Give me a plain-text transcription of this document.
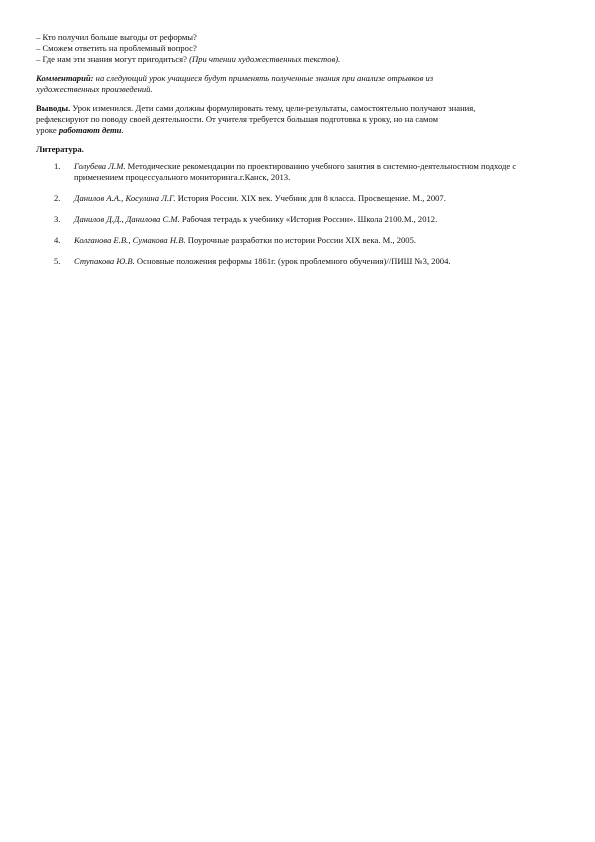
– Кто получил больше выгоды от реформы?
– Сможем ответить на проблемный вопрос?
– Где нам эти знания могут пригодиться? (При чтении художественных текстов).
Комментарий: на следующий урок учащиеся будут применять полученные знания при анализе отрывков из
художественных произведений.
Выводы. Урок изменился. Дети сами должны формулировать тему, цели-результаты, самостоятельно получают знания,
рефлексируют по поводу своей деятельности. От учителя требуется большая подготовка к уроку, но на самом
уроке работают дети.
Литература.
1. Голубева Л.М. Методические рекомендации по проектированию учебного занятия в системно-деятельностном подходе с применением процессуального мониторинга.г.Канск, 2013.
2. Данилов А.А., Косулина Л.Г. История России. XIX век. Учебник для 8 класса. Просвещение. М., 2007.
3. Данилов Д.Д., Данилова С.М. Рабочая тетрадь к учебнику «История России». Школа 2100.М., 2012.
4. Колганова Е.В., Сумакова Н.В. Поурочные разработки по истории России XIX века. М., 2005.
5. Ступакова Ю.В. Основные положения реформы 1861г. (урок проблемного обучения)//ПИШ №3, 2004.
